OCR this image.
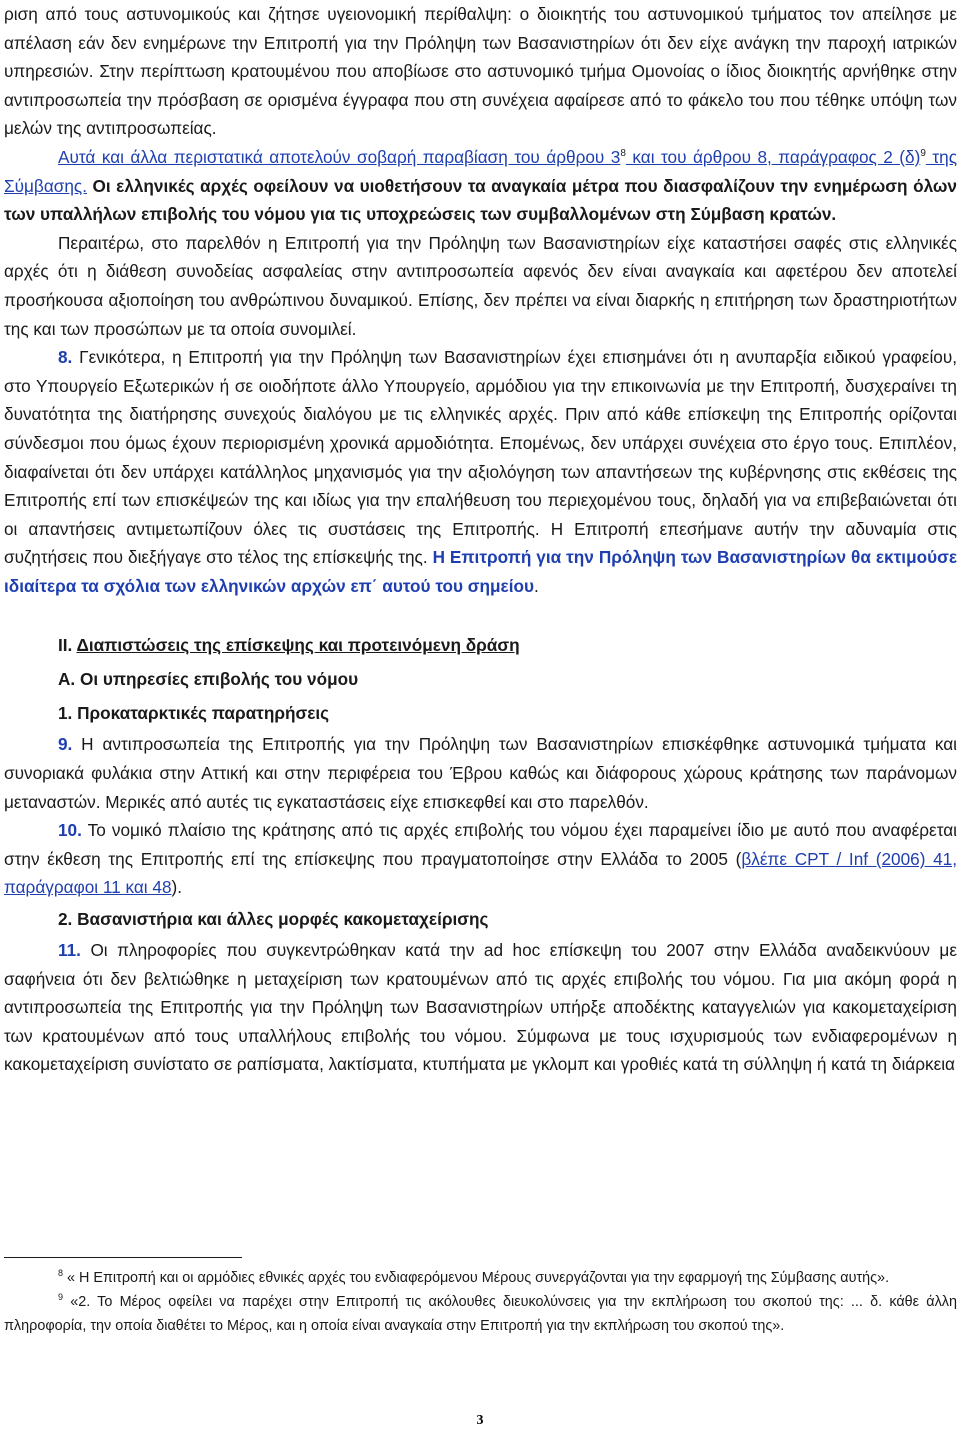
ριση από τους αστυνομικούς και ζήτησε υγειονομική περίθαλψη: ο διοικητής του αστυνομικού τμήματος τον απείλησε με απέλαση εάν δεν ενημέρωνε την Επιτροπή για την Πρόληψη των Βασανιστηρίων ότι δεν είχε ανάγκη την παροχή ιατρικών υπηρεσιών. Στην περίπτωση κρατουμένου που αποβίωσε στο αστυνομικό τμήμα Ομονοίας ο ίδιος διοικητής αρνήθηκε στην αντιπροσωπεία την πρόσβαση σε ορισμένα έγγραφα που στη συνέχεια αφαίρεσε από το φάκελο του που τέθηκε υπόψη των μελών της αντιπροσωπείας.

Αυτά και άλλα περιστατικά αποτελούν σοβαρή παραβίαση του άρθρου $3^8$ και του άρθρου 8, παράγραφος 2 $(\delta)^9$ της Σύμβασης. Οι ελληνικές αρχές οφείλουν να υιοθετήσουν τα αναγκαία μέτρα που διασφαλίζουν την ενημέρωση όλων των υπαλλήλων επιβολής του νόμου για τις υποχρεώσεις των συμβαλλομένων στη Σύμβαση κρατών.

Περαιτέρω, στο παρελθόν η Επιτροπή για την Πρόληψη των Βασανιστηρίων είχε καταστήσει σαφές στις ελληνικές αρχές ότι η διάθεση συνοδείας ασφαλείας στην αντιπροσωπεία αφενός δεν είναι αναγκαία και αφετέρου δεν αποτελεί προσήκουσα αξιοποίηση του ανθρώπινου δυναμικού. Επίσης, δεν πρέπει να είναι διαρκής η επιτήρηση των δραστηριοτήτων της και των προσώπων με τα οποία συνομιλεί.

8. Γενικότερα, η Επιτροπή για την Πρόληψη των Βασανιστηρίων έχει επισημάνει ότι η ανυπαρξία ειδικού γραφείου, στο Υπουργείο Εξωτερικών ή σε οιοδήποτε άλλο Υπουργείο, αρμόδιου για την επικοινωνία με την Επιτροπή, δυσχεραίνει τη δυνατότητα της διατήρησης συνεχούς διαλόγου με τις ελληνικές αρχές. Πριν από κάθε επίσκεψη της Επιτροπής ορίζονται σύνδεσμοι που όμως έχουν περιορισμένη χρονικά αρμοδιότητα. Επομένως, δεν υπάρχει συνέχεια στο έργο τους. Επιπλέον, διαφαίνεται ότι δεν υπάρχει κατάλληλος μηχανισμός για την αξιολόγηση των απαντήσεων της κυβέρνησης στις εκθέσεις της Επιτροπής επί των επισκέψεών της και ιδίως για την επαλήθευση του περιεχομένου τους, δηλαδή για να επιβεβαιώνεται ότι οι απαντήσεις αντιμετωπίζουν όλες τις συστάσεις της Επιτροπής. Η Επιτροπή επεσήμανε αυτήν την αδυναμία στις συζητήσεις που διεξήγαγε στο τέλος της επίσκεψής της. Η Επιτροπή για την Πρόληψη των Βασανιστηρίων θα εκτιμούσε ιδιαίτερα τα σχόλια των ελληνικών αρχών επ΄ αυτού του σημείου.

ΙΙ. Διαπιστώσεις της επίσκεψης και προτεινόμενη δράση
Α. Οι υπηρεσίες επιβολής του νόμου
1. Προκαταρκτικές παρατηρήσεις

9. Η αντιπροσωπεία της Επιτροπής για την Πρόληψη των Βασανιστηρίων επισκέφθηκε αστυνομικά τμήματα και συνοριακά φυλάκια στην Αττική και στην περιφέρεια του Έβρου καθώς και διάφορους χώρους κράτησης των παράνομων μεταναστών. Μερικές από αυτές τις εγκαταστάσεις είχε επισκεφθεί και στο παρελθόν.

10. Το νομικό πλαίσιο της κράτησης από τις αρχές επιβολής του νόμου έχει παραμείνει ίδιο με αυτό που αναφέρεται στην έκθεση της Επιτροπής επί της επίσκεψης που πραγματοποίησε στην Ελλάδα το 2005 (βλέπε CPT / Inf (2006) 41, παράγραφοι 11 και 48).

2. Βασανιστήρια και άλλες μορφές κακομεταχείρισης

11. Οι πληροφορίες που συγκεντρώθηκαν κατά την ad hoc επίσκεψη του 2007 στην Ελλάδα αναδεικνύουν με σαφήνεια ότι δεν βελτιώθηκε η μεταχείριση των κρατουμένων από τις αρχές επιβολής του νόμου. Για μια ακόμη φορά η αντιπροσωπεία της Επιτροπής για την Πρόληψη των Βασανιστηρίων υπήρξε αποδέκτης καταγγελιών για κακομεταχείριση των κρατουμένων από τους υπαλλήλους επιβολής του νόμου. Σύμφωνα με τους ισχυρισμούς των ενδιαφερομένων η κακομεταχείριση συνίστατο σε ραπίσματα, λακτίσματα, κτυπήματα με γκλομπ και γροθιές κατά τη σύλληψη ή κατά τη διάρκεια

$^8$ « Η Επιτροπή και οι αρμόδιες εθνικές αρχές του ενδιαφερόμενου Μέρους συνεργάζονται για την εφαρμογή της Σύμβασης αυτής».

$^9$ «2. Το Μέρος οφείλει να παρέχει στην Επιτροπή τις ακόλουθες διευκολύνσεις για την εκπλήρωση του σκοπού της: ... δ. κάθε άλλη πληροφορία, την οποία διαθέτει το Μέρος, και η οποία είναι αναγκαία στην Επιτροπή για την εκπλήρωση του σκοπού της».

3
